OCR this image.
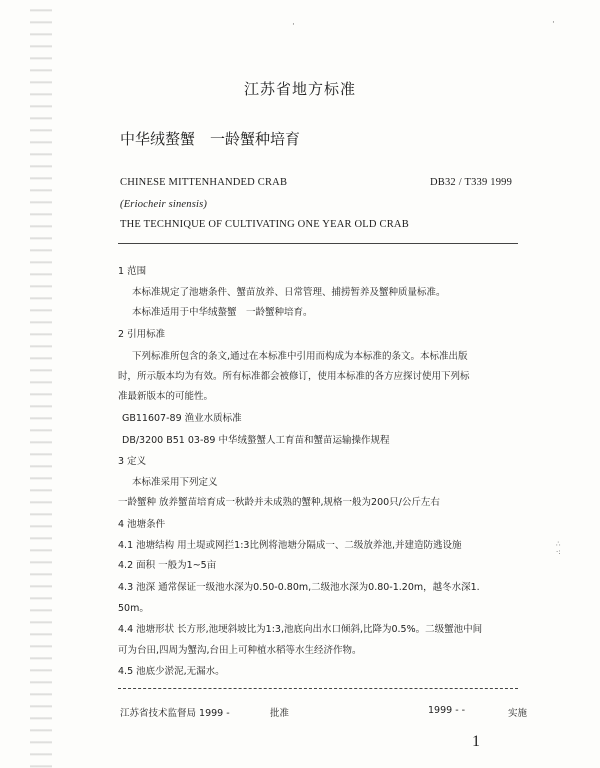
·	·
江苏省地方标准
中华绒螯蟹　一龄蟹种培育
CHINESE MITTENHANDED CRAB	DB32 / T339 1999
(Eriocheir sinensis)
THE TECHNIQUE OF CULTIVATING ONE YEAR OLD CRAB
1 范围
本标准规定了池塘条件、蟹苗放养、日常管理、捕捞暂养及蟹种质量标准。
本标准适用于中华绒螯蟹　一龄蟹种培育。
2 引用标准
下列标准所包含的条文,通过在本标准中引用而构成为本标准的条文。本标准出版
时，所示版本均为有效。所有标准都会被修订，使用本标准的各方应探讨使用下列标
准最新版本的可能性。
GB11607-89 渔业水质标准
DB/3200 B51 03-89 中华绒螯蟹人工育苗和蟹苗运输操作规程
3 定义
本标准采用下列定义
一龄蟹种 放养蟹苗培育成一秋龄并未成熟的蟹种,规格一般为200只/公斤左右
4 池塘条件
4.1 池塘结构 用土堤或网拦1:3比例将池塘分隔成一、二级放养池,并建造防逃设施
4.2 面积 一般为1~5亩
4.3 池深 通常保证一级池水深为0.50-0.80m,二级池水深为0.80-1.20m，越冬水深1.
50m。
4.4 池塘形状 长方形,池埂斜坡比为1:3,池底向出水口倾斜,比降为0.5%。二级蟹池中间
可为台田,四周为蟹沟,台田上可种植水稻等水生经济作物。
4.5 池底少淤泥,无漏水。
∴
·:
江苏省技术监督局 1999 -	批准	1999 - -	实施
1
